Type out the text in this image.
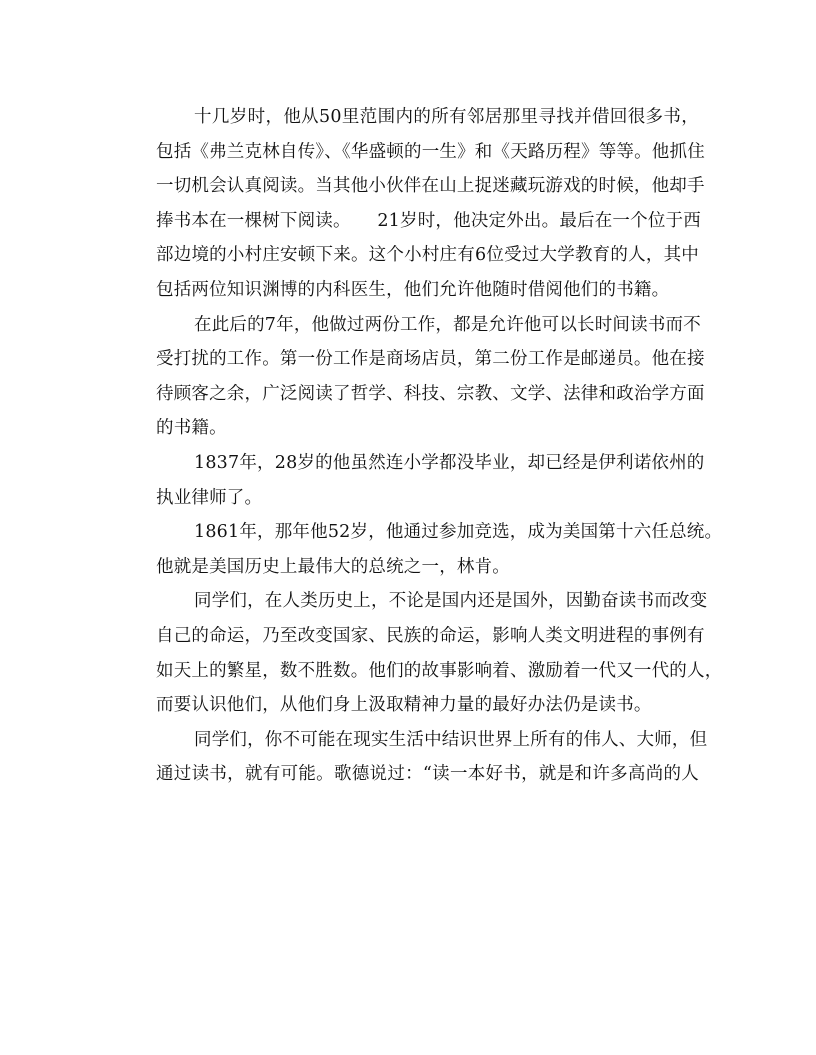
十几岁时，他从50里范围内的所有邻居那里寻找并借回很多书，
包括《弗兰克林自传》、《华盛顿的一生》和《天路历程》等等。他抓住
一切机会认真阅读。当其他小伙伴在山上捉迷藏玩游戏的时候，他却手
捧书本在一棵树下阅读。　　21岁时，他决定外出。最后在一个位于西
部边境的小村庄安顿下来。这个小村庄有6位受过大学教育的人，其中
包括两位知识渊博的内科医生，他们允许他随时借阅他们的书籍。
在此后的7年，他做过两份工作，都是允许他可以长时间读书而不
受打扰的工作。第一份工作是商场店员，第二份工作是邮递员。他在接
待顾客之余，广泛阅读了哲学、科技、宗教、文学、法律和政治学方面
的书籍。
1837年，28岁的他虽然连小学都没毕业，却已经是伊利诺依州的
执业律师了。
1861年，那年他52岁，他通过参加竞选，成为美国第十六任总统。
他就是美国历史上最伟大的总统之一，林肯。
同学们，在人类历史上，不论是国内还是国外，因勤奋读书而改变
自己的命运，乃至改变国家、民族的命运，影响人类文明进程的事例有
如天上的繁星，数不胜数。他们的故事影响着、激励着一代又一代的人，
而要认识他们，从他们身上汲取精神力量的最好办法仍是读书。
同学们，你不可能在现实生活中结识世界上所有的伟人、大师，但
通过读书，就有可能。歌德说过：“读一本好书，就是和许多高尚的人
